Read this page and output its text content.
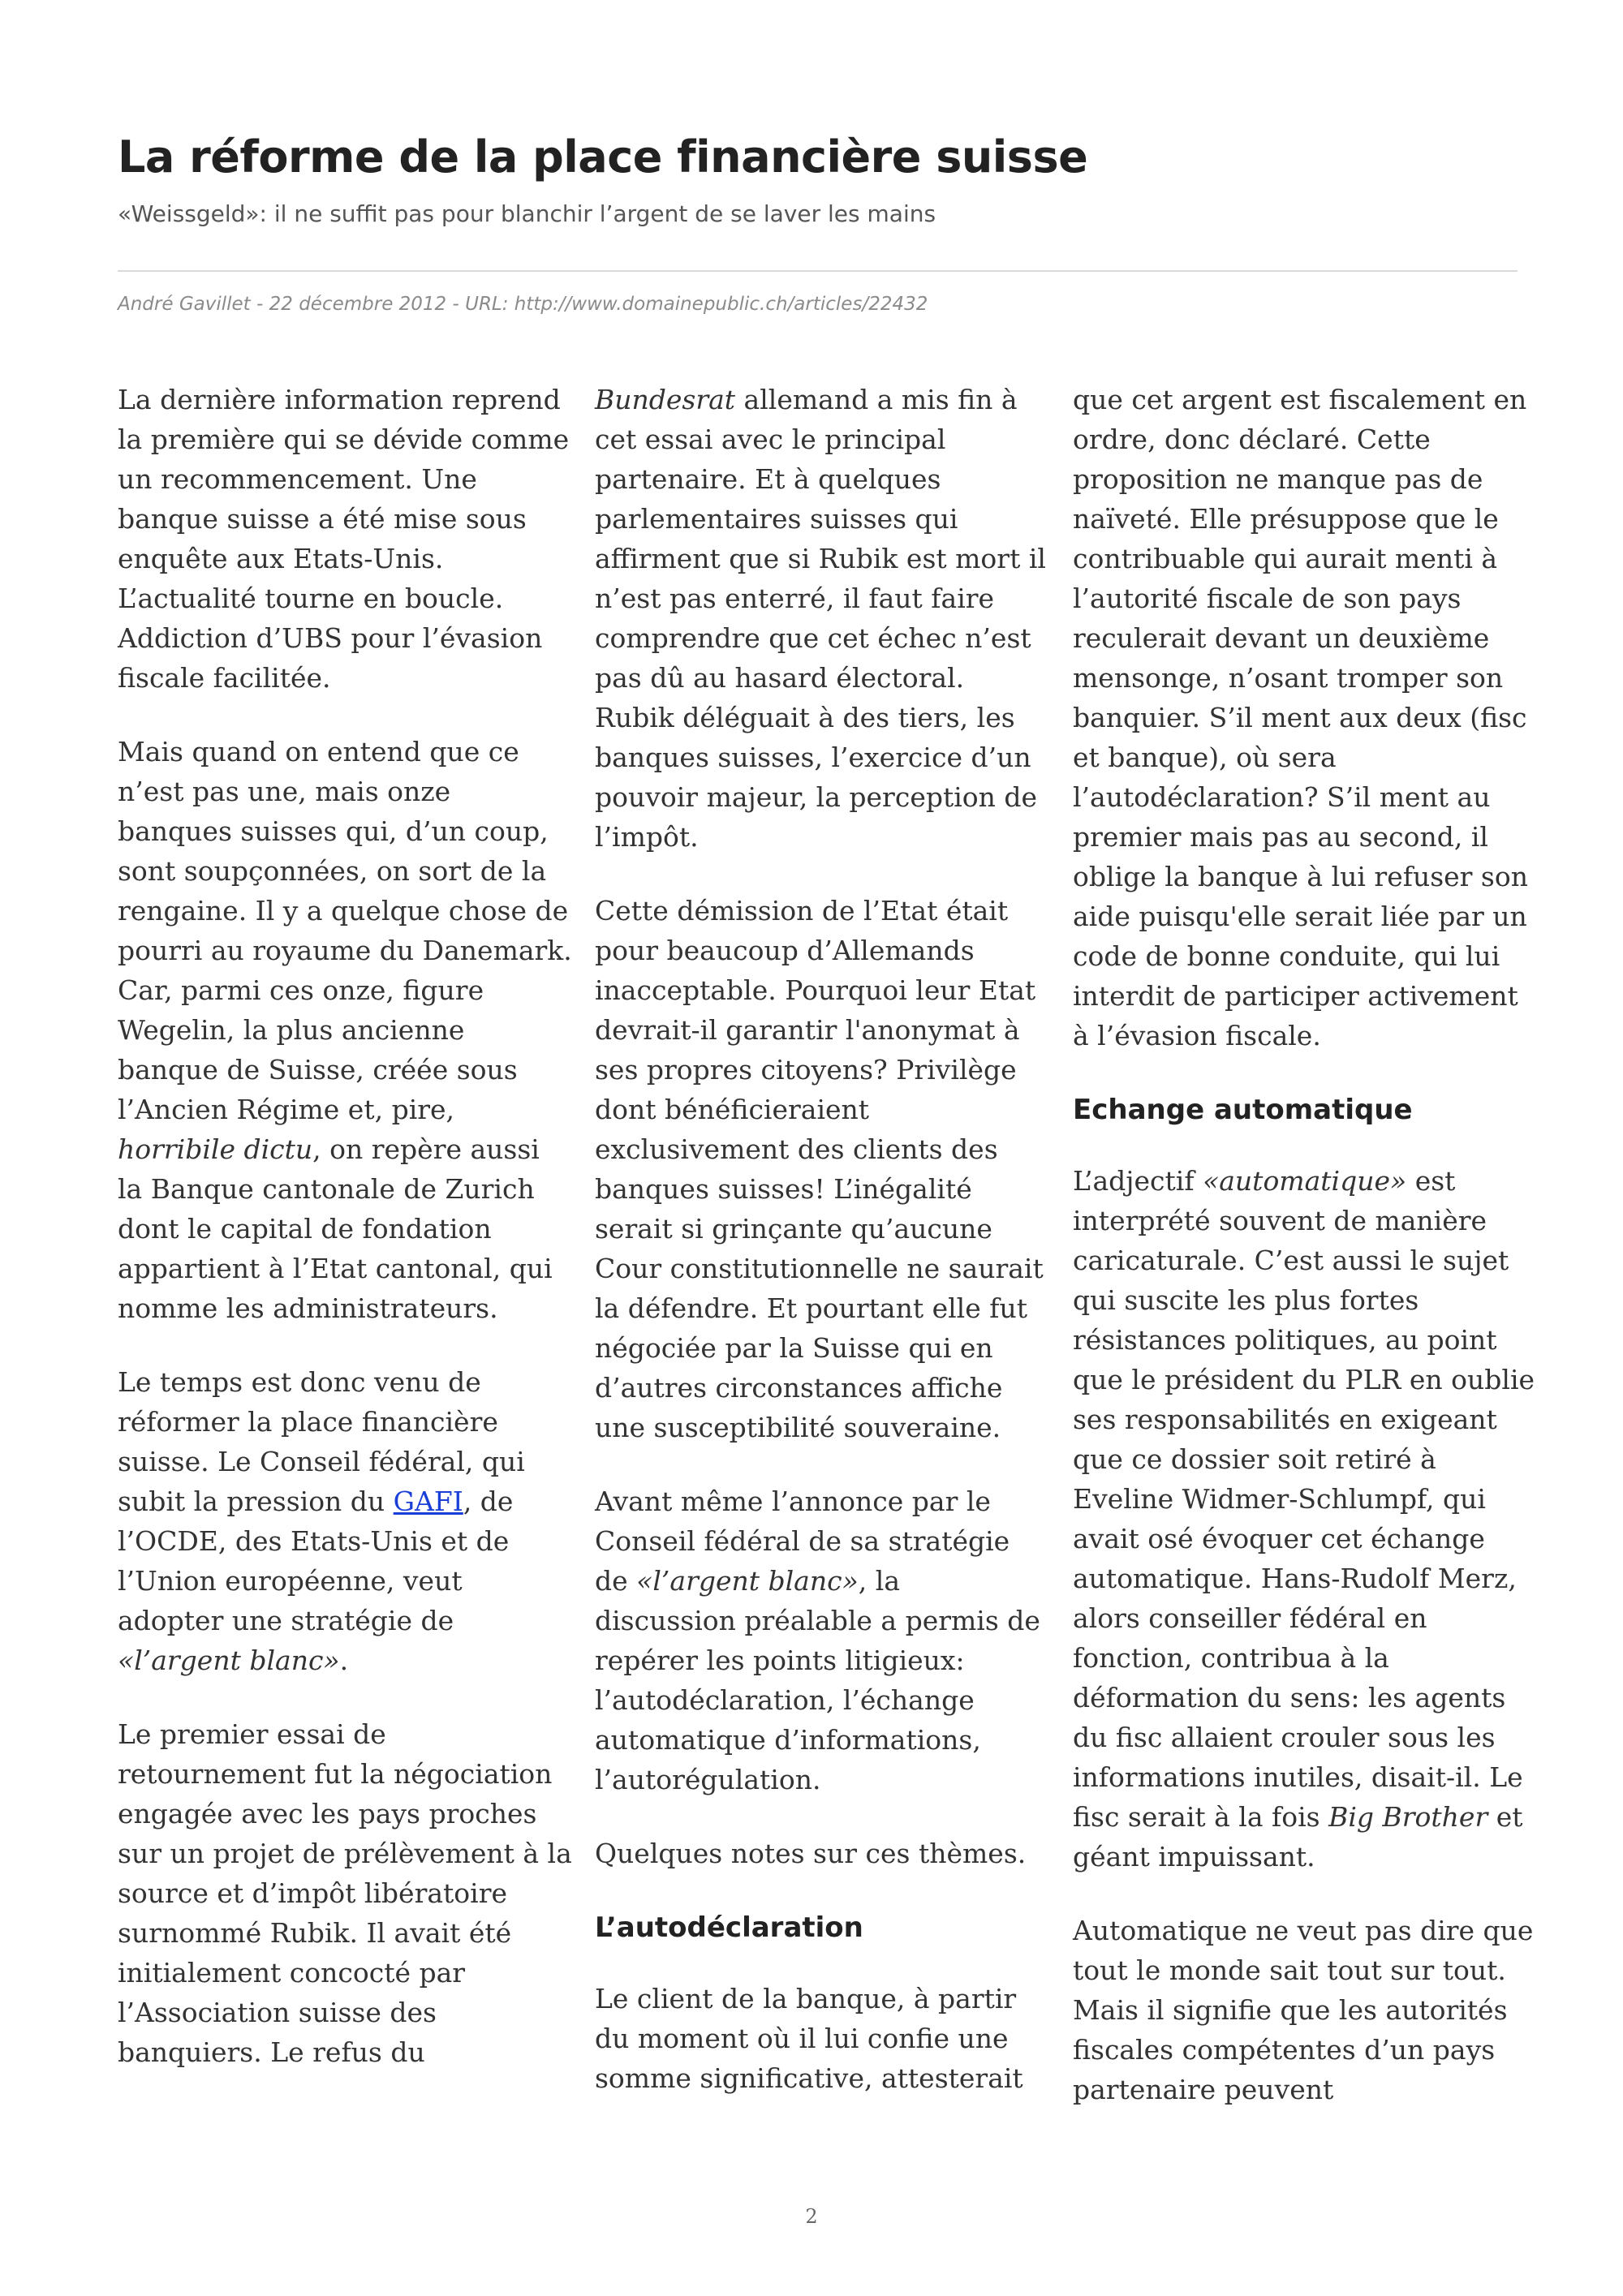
La réforme de la place financière suisse

«Weissgeld»: il ne suffit pas pour blanchir l’argent de se laver les mains

André Gavillet - 22 décembre 2012 - URL: http://www.domainepublic.ch/articles/22432

La dernière information reprend la première qui se dévide comme un recommencement. Une banque suisse a été mise sous enquête aux Etats-Unis. L’actualité tourne en boucle. Addiction d’UBS pour l’évasion fiscale facilitée.

Mais quand on entend que ce n’est pas une, mais onze banques suisses qui, d’un coup, sont soupçonnées, on sort de la rengaine. Il y a quelque chose de pourri au royaume du Danemark. Car, parmi ces onze, figure Wegelin, la plus ancienne banque de Suisse, créée sous l’Ancien Régime et, pire, horribile dictu, on repère aussi la Banque cantonale de Zurich dont le capital de fondation appartient à l’Etat cantonal, qui nomme les administrateurs.

Le temps est donc venu de réformer la place financière suisse. Le Conseil fédéral, qui subit la pression du GAFI, de l’OCDE, des Etats-Unis et de l’Union européenne, veut adopter une stratégie de «l’argent blanc».

Le premier essai de retournement fut la négociation engagée avec les pays proches sur un projet de prélèvement à la source et d’impôt libératoire surnommé Rubik. Il avait été initialement concocté par l’Association suisse des banquiers. Le refus du

Bundesrat allemand a mis fin à cet essai avec le principal partenaire. Et à quelques parlementaires suisses qui affirment que si Rubik est mort il n’est pas enterré, il faut faire comprendre que cet échec n’est pas dû au hasard électoral. Rubik déléguait à des tiers, les banques suisses, l’exercice d’un pouvoir majeur, la perception de l’impôt.

Cette démission de l’Etat était pour beaucoup d’Allemands inacceptable. Pourquoi leur Etat devrait-il garantir l'anonymat à ses propres citoyens? Privilège dont bénéficieraient exclusivement des clients des banques suisses! L’inégalité serait si grinçante qu’aucune Cour constitutionnelle ne saurait la défendre. Et pourtant elle fut négociée par la Suisse qui en d’autres circonstances affiche une susceptibilité souveraine.

Avant même l’annonce par le Conseil fédéral de sa stratégie de «l’argent blanc», la discussion préalable a permis de repérer les points litigieux: l’autodéclaration, l’échange automatique d’informations, l’autorégulation.

Quelques notes sur ces thèmes.

L’autodéclaration

Le client de la banque, à partir du moment où il lui confie une somme significative, attesterait

que cet argent est fiscalement en ordre, donc déclaré. Cette proposition ne manque pas de naïveté. Elle présuppose que le contribuable qui aurait menti à l’autorité fiscale de son pays reculerait devant un deuxième mensonge, n’osant tromper son banquier. S’il ment aux deux (fisc et banque), où sera l’autodéclaration? S’il ment au premier mais pas au second, il oblige la banque à lui refuser son aide puisqu'elle serait liée par un code de bonne conduite, qui lui interdit de participer activement à l’évasion fiscale.

Echange automatique

L’adjectif «automatique» est interprété souvent de manière caricaturale. C’est aussi le sujet qui suscite les plus fortes résistances politiques, au point que le président du PLR en oublie ses responsabilités en exigeant que ce dossier soit retiré à Eveline Widmer-Schlumpf, qui avait osé évoquer cet échange automatique. Hans-Rudolf Merz, alors conseiller fédéral en fonction, contribua à la déformation du sens: les agents du fisc allaient crouler sous les informations inutiles, disait-il. Le fisc serait à la fois Big Brother et géant impuissant.

Automatique ne veut pas dire que tout le monde sait tout sur tout. Mais il signifie que les autorités fiscales compétentes d’un pays partenaire peuvent

2
